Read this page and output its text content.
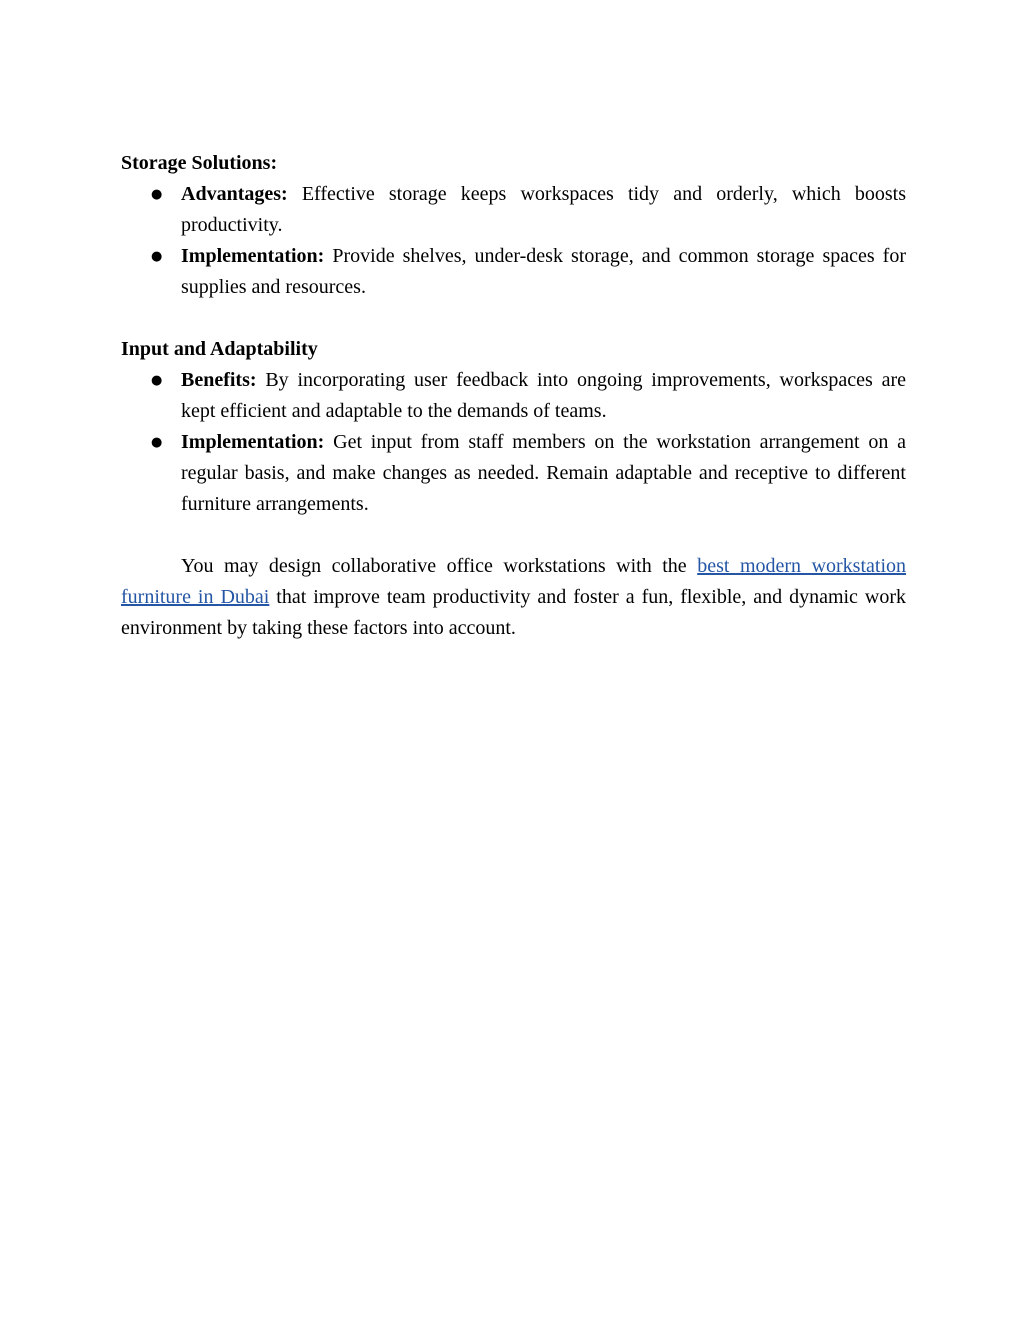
Storage Solutions:
● Advantages: Effective storage keeps workspaces tidy and orderly, which boosts productivity.
● Implementation: Provide shelves, under-desk storage, and common storage spaces for supplies and resources.
Input and Adaptability
● Benefits: By incorporating user feedback into ongoing improvements, workspaces are kept efficient and adaptable to the demands of teams.
● Implementation: Get input from staff members on the workstation arrangement on a regular basis, and make changes as needed. Remain adaptable and receptive to different furniture arrangements.

You may design collaborative office workstations with the best modern workstation furniture in Dubai that improve team productivity and foster a fun, flexible, and dynamic work environment by taking these factors into account.
